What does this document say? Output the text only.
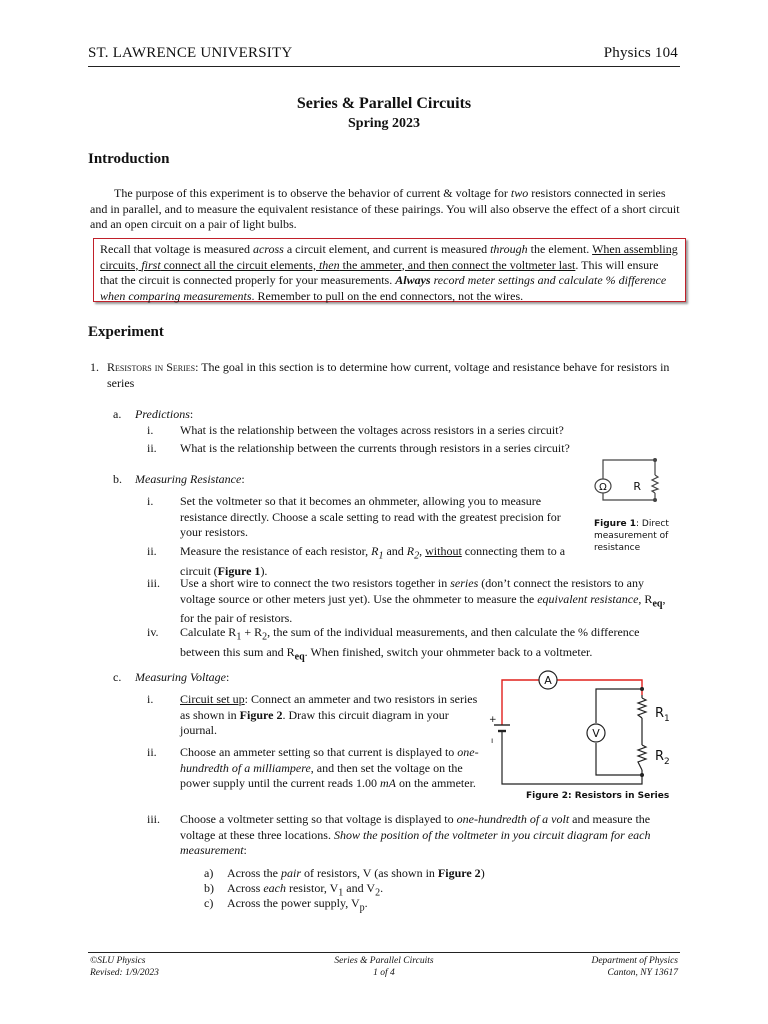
ST. LAWRENCE UNIVERSITY	Physics 104
Series & Parallel Circuits
Spring 2023
Introduction
The purpose of this experiment is to observe the behavior of current & voltage for two resistors connected in series and in parallel, and to measure the equivalent resistance of these pairings. You will also observe the effect of a short circuit and an open circuit on a pair of light bulbs.
Recall that voltage is measured across a circuit element, and current is measured through the element. When assembling circuits, first connect all the circuit elements, then the ammeter, and then connect the voltmeter last. This will ensure that the circuit is connected properly for your measurements. Always record meter settings and calculate % difference when comparing measurements. Remember to pull on the end connectors, not the wires.
Experiment
1. Resistors in Series: The goal in this section is to determine how current, voltage and resistance behave for resistors in series
a. Predictions:
i. What is the relationship between the voltages across resistors in a series circuit?
ii. What is the relationship between the currents through resistors in a series circuit?
b. Measuring Resistance:
i. Set the voltmeter so that it becomes an ohmmeter, allowing you to measure resistance directly. Choose a scale setting to read with the greatest precision for your resistors.
ii. Measure the resistance of each resistor, $R_1$ and $R_2$, without connecting them to a circuit (Figure 1).
iii. Use a short wire to connect the two resistors together in series (don’t connect the resistors to any voltage source or other meters just yet). Use the ohmmeter to measure the equivalent resistance, $R_{eq}$, for the pair of resistors.
iv. Calculate $R_1 + R_2$, the sum of the individual measurements, and then calculate the % difference between this sum and $R_{eq}$. When finished, switch your ohmmeter back to a voltmeter.
Ω R
Figure 1: Direct measurement of resistance
c. Measuring Voltage:
i. Circuit set up: Connect an ammeter and two resistors in series as shown in Figure 2. Draw this circuit diagram in your journal.
ii. Choose an ammeter setting so that current is displayed to one-hundredth of a milliampere, and then set the voltage on the power supply until the current reads 1.00 mA on the ammeter.
iii. Choose a voltmeter setting so that voltage is displayed to one-hundredth of a volt and measure the voltage at these three locations. Show the position of the voltmeter in you circuit diagram for each measurement:
a) Across the pair of resistors, V (as shown in Figure 2)
b) Across each resistor, $V_1$ and $V_2$.
c) Across the power supply, $V_p$.
+
ı
A
V
$R_1$
$R_2$
Figure 2: Resistors in Series
©SLU Physics
Revised: 1/9/2023
Series & Parallel Circuits
1 of 4
Department of Physics
Canton, NY 13617
